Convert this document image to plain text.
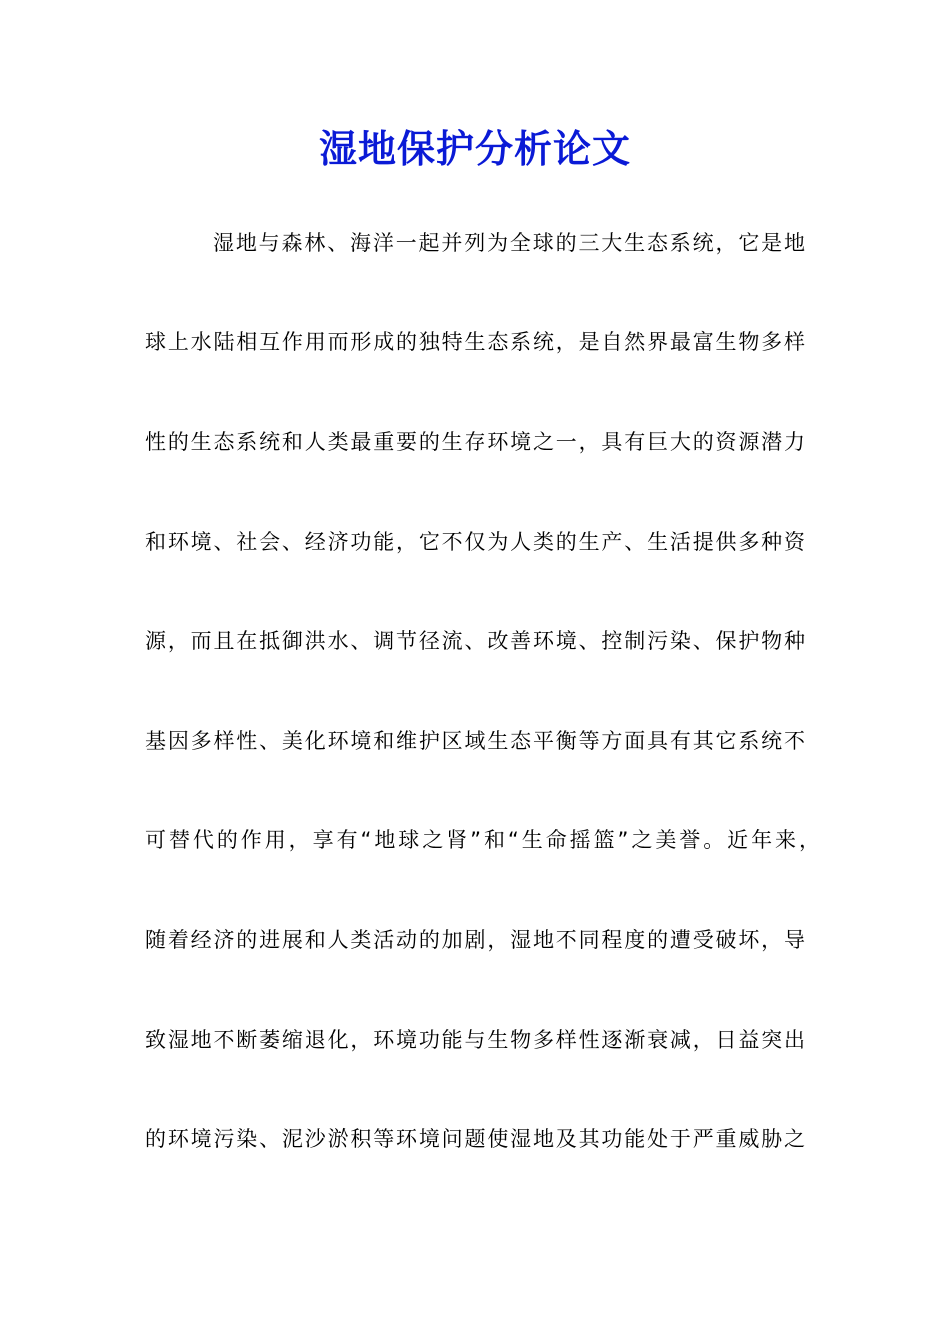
湿地保护分析论文

湿地与森林、海洋一起并列为全球的三大生态系统，它是地

球上水陆相互作用而形成的独特生态系统，是自然界最富生物多样

性的生态系统和人类最重要的生存环境之一，具有巨大的资源潜力

和环境、社会、经济功能，它不仅为人类的生产、生活提供多种资

源，而且在抵御洪水、调节径流、改善环境、控制污染、保护物种

基因多样性、美化环境和维护区域生态平衡等方面具有其它系统不

可替代的作用，享有“地球之肾”和“生命摇篮”之美誉。近年来，

随着经济的进展和人类活动的加剧，湿地不同程度的遭受破坏，导

致湿地不断萎缩退化，环境功能与生物多样性逐渐衰减，日益突出

的环境污染、泥沙淤积等环境问题使湿地及其功能处于严重威胁之
